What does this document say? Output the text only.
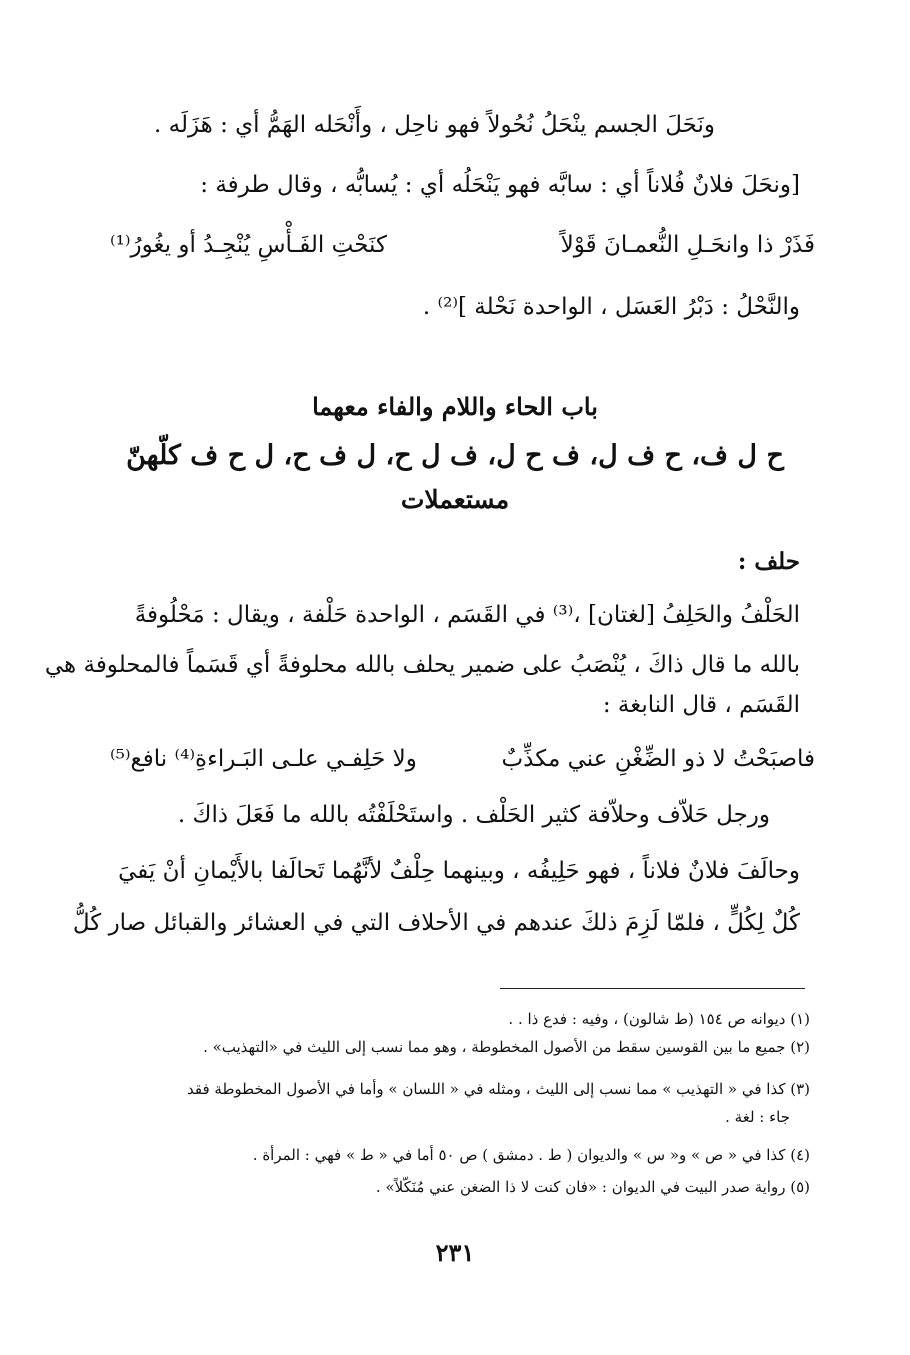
ونَحَلَ الجسم ينْحَلُ نُحُولاً فهو ناحِل ، وأَنْحَله الهَمُّ أي : هَزَلَه .
[ونحَلَ فلانٌ فُلاناً أي : سابَّه فهو يَنْحَلُه أي : يُسابُّه ، وقال طرفة :
فَذَرْ ذا وانحَـلِ النُّعمـانَ قَوْلاً
كنَحْتِ الفَـأْسِ يُنْجِـدُ أو يغُورُ⁽¹⁾
والنَّحْلُ : دَبْرُ العَسَل ، الواحدة نَحْلة ]⁽²⁾ .
باب الحاء واللام والفاء معهما
ح ل ف، ح ف ل، ف ح ل، ف ل ح، ل ف ح، ل ح ف كلّهنّ
مستعملات
حلف :
الحَلْفُ والحَلِفُ [لغتان] ،⁽³⁾ في القَسَم ، الواحدة حَلْفة ، ويقال : مَحْلُوفةً
بالله ما قال ذاكَ ، يُنْصَبُ على ضمير يحلف بالله محلوفةً أي قَسَماً فالمحلوفة هي
القَسَم ، قال النابغة :
فاصبَحْتُ لا ذو الضِّغْنِ عني مكذِّبٌ
ولا حَلِفـي علـى البَـراءةِ⁽⁴⁾ نافع⁽⁵⁾
ورجل حَلاّف وحلاّفة كثير الحَلْف . واستَحْلَفْتُه بالله ما فَعَلَ ذاكَ .
وحالَفَ فلانٌ فلاناً ، فهو حَلِيفُه ، وبينهما حِلْفٌ لأنَّهُما تَحالَفا بالأَيْمانِ أنْ يَفيَ
كُلٌ لِكُلٍّ ، فلمّا لَزِمَ ذلكَ عندهم في الأحلاف التي في العشائر والقبائل صار كُلُّ
(١) ديوانه ص ١٥٤ (ط شالون) ، وفيه : فدع ذا . .
(٢) جميع ما بين القوسين سقط من الأصول المخطوطة ، وهو مما نسب إلى الليث في «التهذيب» .
(٣) كذا في « التهذيب » مما نسب إلى الليث ، ومثله في « اللسان » وأما في الأصول المخطوطة فقد
جاء : لغة .
(٤) كذا في « ص » و« س » والديوان ( ط . دمشق ) ص ٥٠ أما في « ط » فهي : المرأة .
(٥) رواية صدر البيت في الديوان : «فان كنت لا ذا الضغن عني مُنَكّلاً» .
٢٣١
